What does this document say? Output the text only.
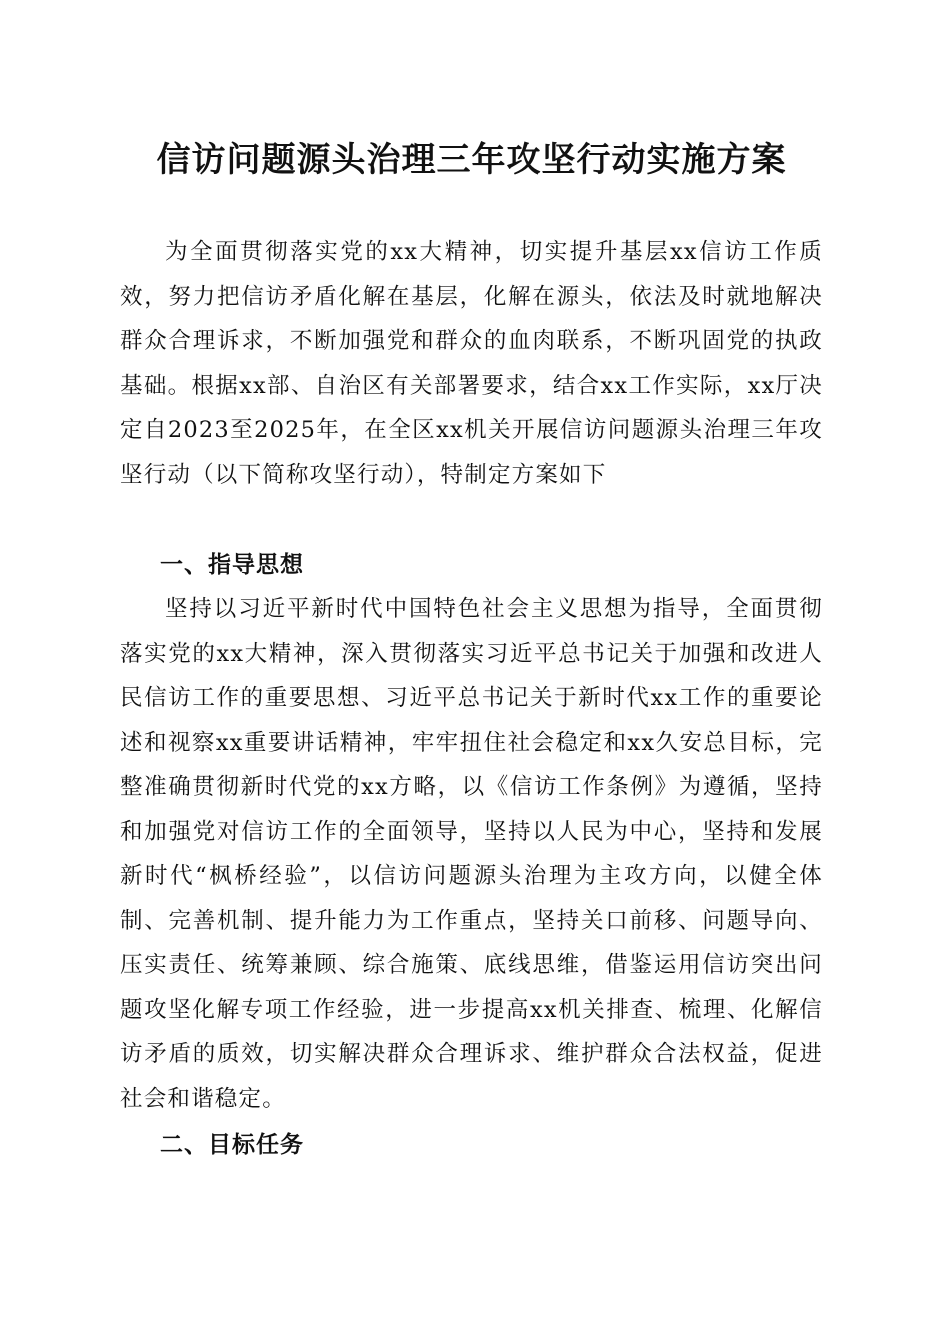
信访问题源头治理三年攻坚行动实施方案

为全面贯彻落实党的xx大精神，切实提升基层xx信访工作质效，努力把信访矛盾化解在基层，化解在源头，依法及时就地解决群众合理诉求，不断加强党和群众的血肉联系，不断巩固党的执政基础。根据xx部、自治区有关部署要求，结合xx工作实际，xx厅决定自2023至2025年，在全区xx机关开展信访问题源头治理三年攻坚行动（以下简称攻坚行动），特制定方案如下

一、指导思想

坚持以习近平新时代中国特色社会主义思想为指导，全面贯彻落实党的xx大精神，深入贯彻落实习近平总书记关于加强和改进人民信访工作的重要思想、习近平总书记关于新时代xx工作的重要论述和视察xx重要讲话精神，牢牢扭住社会稳定和xx久安总目标，完整准确贯彻新时代党的xx方略，以《信访工作条例》为遵循，坚持和加强党对信访工作的全面领导，坚持以人民为中心，坚持和发展新时代“枫桥经验”，以信访问题源头治理为主攻方向，以健全体制、完善机制、提升能力为工作重点，坚持关口前移、问题导向、压实责任、统筹兼顾、综合施策、底线思维，借鉴运用信访突出问题攻坚化解专项工作经验，进一步提高xx机关排查、梳理、化解信访矛盾的质效，切实解决群众合理诉求、维护群众合法权益，促进社会和谐稳定。

二、目标任务
